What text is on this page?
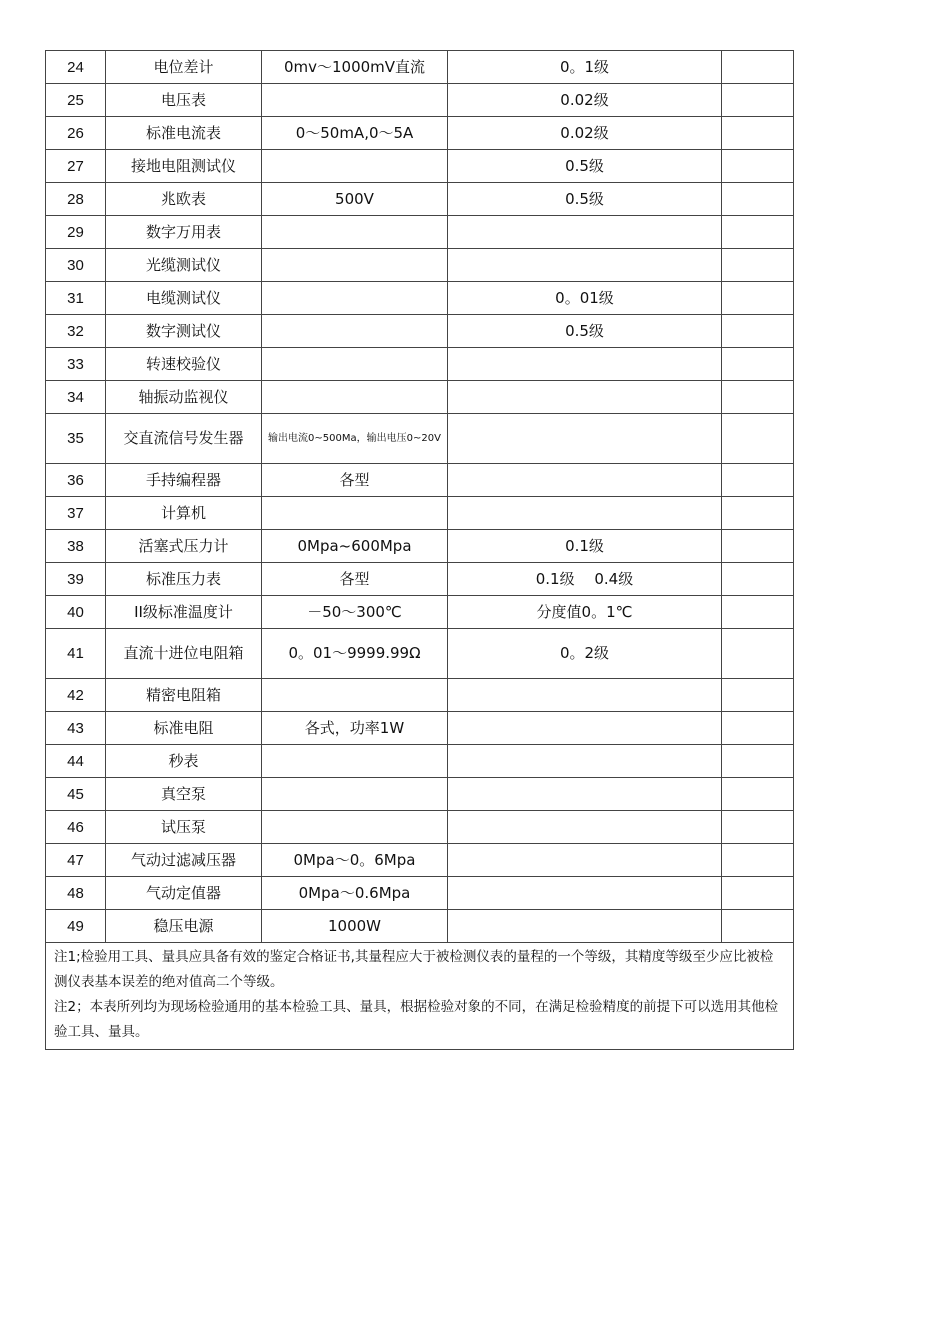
24	电位差计	0mv～1000mV直流	0。1级	
25	电压表		0.02级	
26	标准电流表	0～50mA,0～5A	0.02级	
27	接地电阻测试仪		0.5级	
28	兆欧表	500V	0.5级	
29	数字万用表			
30	光缆测试仪			
31	电缆测试仪		0。01级	
32	数字测试仪		0.5级	
33	转速校验仪			
34	轴振动监视仪			
35	交直流信号发生器	输出电流0~500Ma，输出电压0~20V		
36	手持编程器	各型		
37	计算机			
38	活塞式压力计	0Mpa~600Mpa	0.1级	
39	标准压力表	各型	0.1级　 0.4级	
40	II级标准温度计	－50～300℃	分度值0。1℃	
41	直流十进位电阻箱	0。01～9999.99Ω	0。2级	
42	精密电阻箱			
43	标准电阻	各式，功率1W		
44	秒表			
45	真空泵			
46	试压泵			
47	气动过滤减压器	0Mpa～0。6Mpa		
48	气动定值器	0Mpa～0.6Mpa		
49	稳压电源	1000W		

注1;检验用工具、量具应具备有效的鉴定合格证书,其量程应大于被检测仪表的量程的一个等级，其精度等级至少应比被检测仪表基本误差的绝对值高二个等级。

注2；本表所列均为现场检验通用的基本检验工具、量具，根据检验对象的不同，在满足检验精度的前提下可以选用其他检验工具、量具。				
